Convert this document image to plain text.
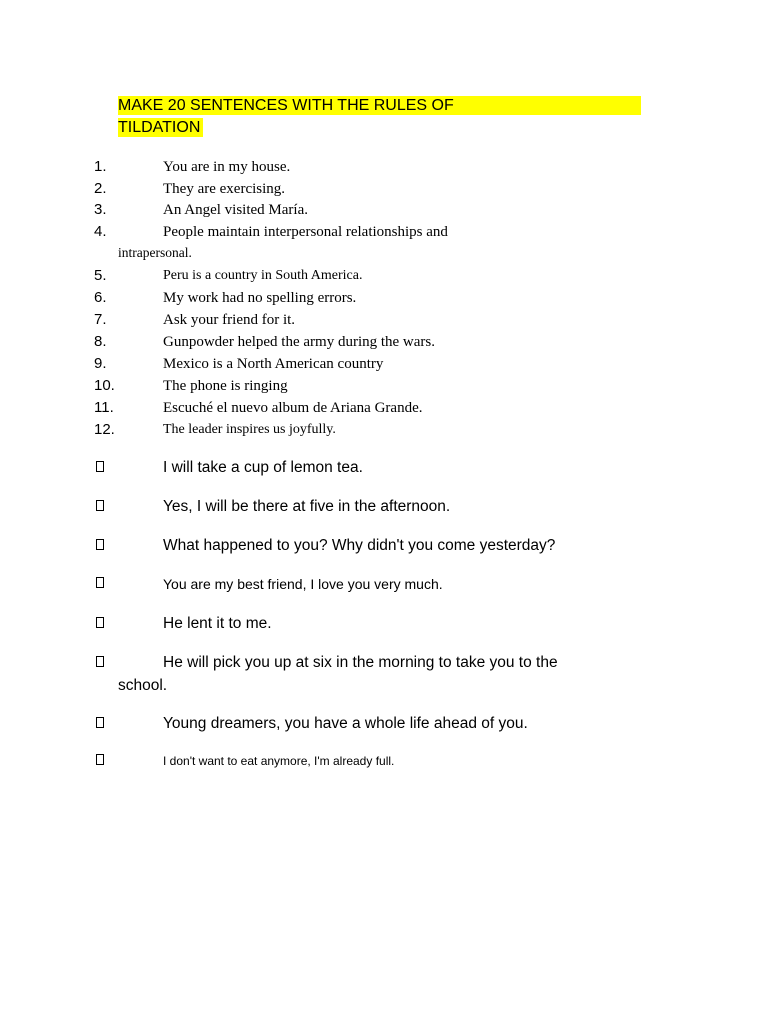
MAKE 20 SENTENCES WITH THE RULES OF
TILDATION
1.	You are in my house.
2.	They are exercising.
3.	An Angel visited María.
4.	People maintain interpersonal relationships and
intrapersonal.
5.	Peru is a country in South America.
6.	My work had no spelling errors.
7.	Ask your friend for it.
8.	Gunpowder helped the army during the wars.
9.	Mexico is a North American country
10.	The phone is ringing
11.	Escuché el nuevo album de Ariana Grande.
12.	The leader inspires us joyfully.
I will take a cup of lemon tea.
Yes, I will be there at five in the afternoon.
What happened to you? Why didn't you come yesterday?
You are my best friend, I love you very much.
He lent it to me.
He will pick you up at six in the morning to take you to the
school.
Young dreamers, you have a whole life ahead of you.
I don't want to eat anymore, I'm already full.
